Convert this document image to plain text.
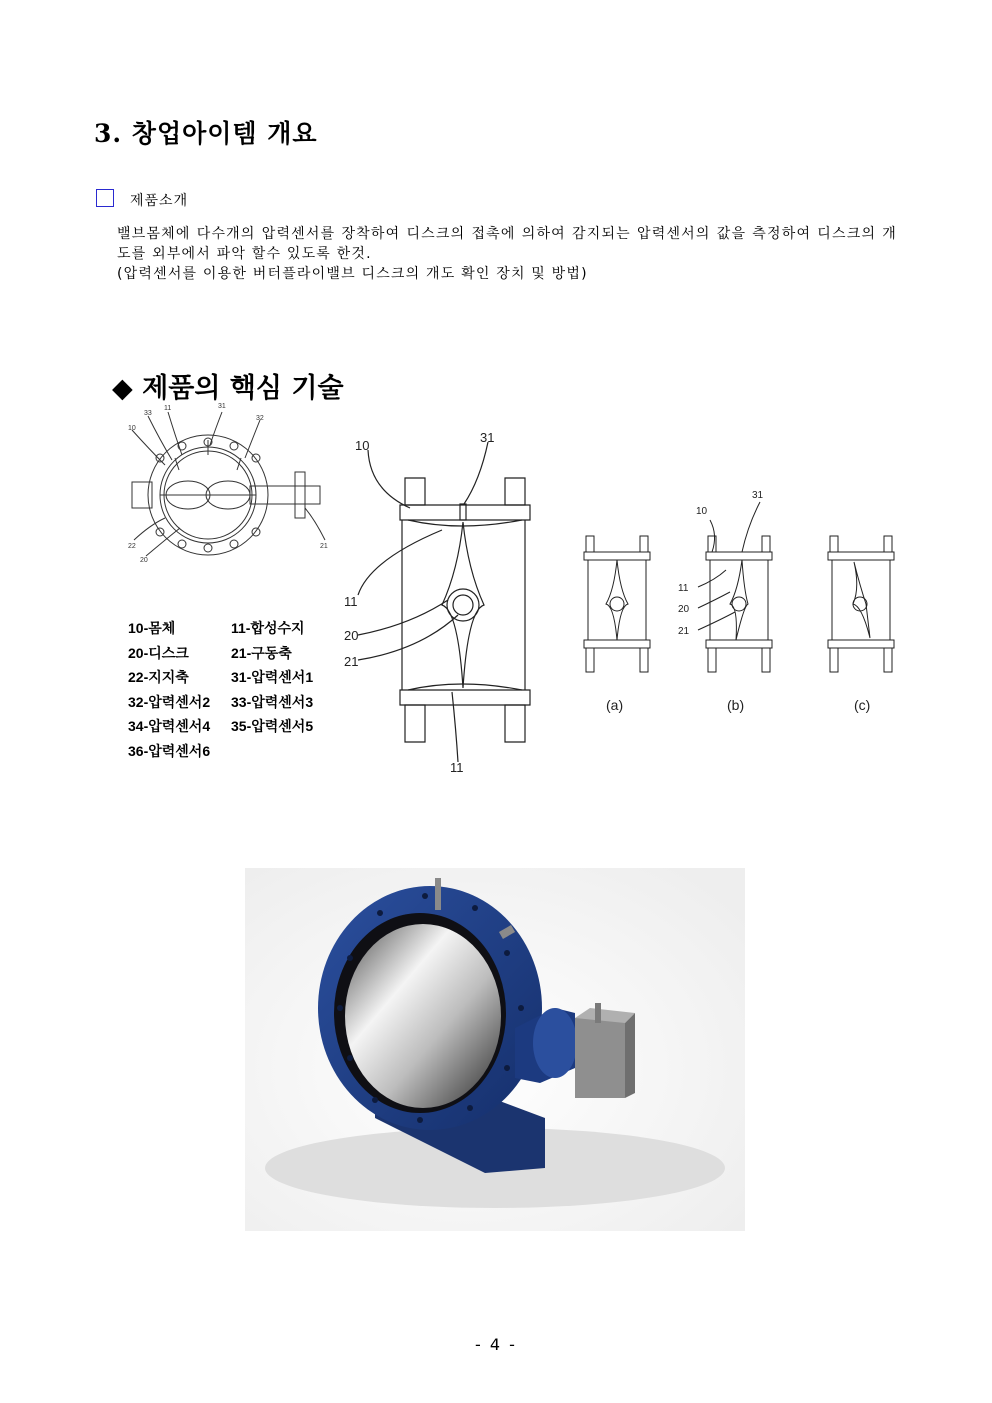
3. 창업아이템 개요
제품소개
밸브몸체에 다수개의 압력센서를 장착하여 디스크의 접촉에 의하여 감지되는 압력센서의 값을 측정하여 디스크의 개도를 외부에서 파악 할수 있도록 한것.
(압력센서를 이용한 버터플라이밸브 디스크의 개도 확인 장치 및 방법)
◆ 제품의 핵심 기술
33
11	31
32
10
22
20
21
10-몸체	11-합성수지
20-디스크	21-구동축
22-지지축	31-압력센서1
32-압력센서2	33-압력센서3
34-압력센서4	35-압력센서5
36-압력센서6
10
31
11
20
21
11
31
10
11
20
21
(a)	(b)	(c)
- 4 -
